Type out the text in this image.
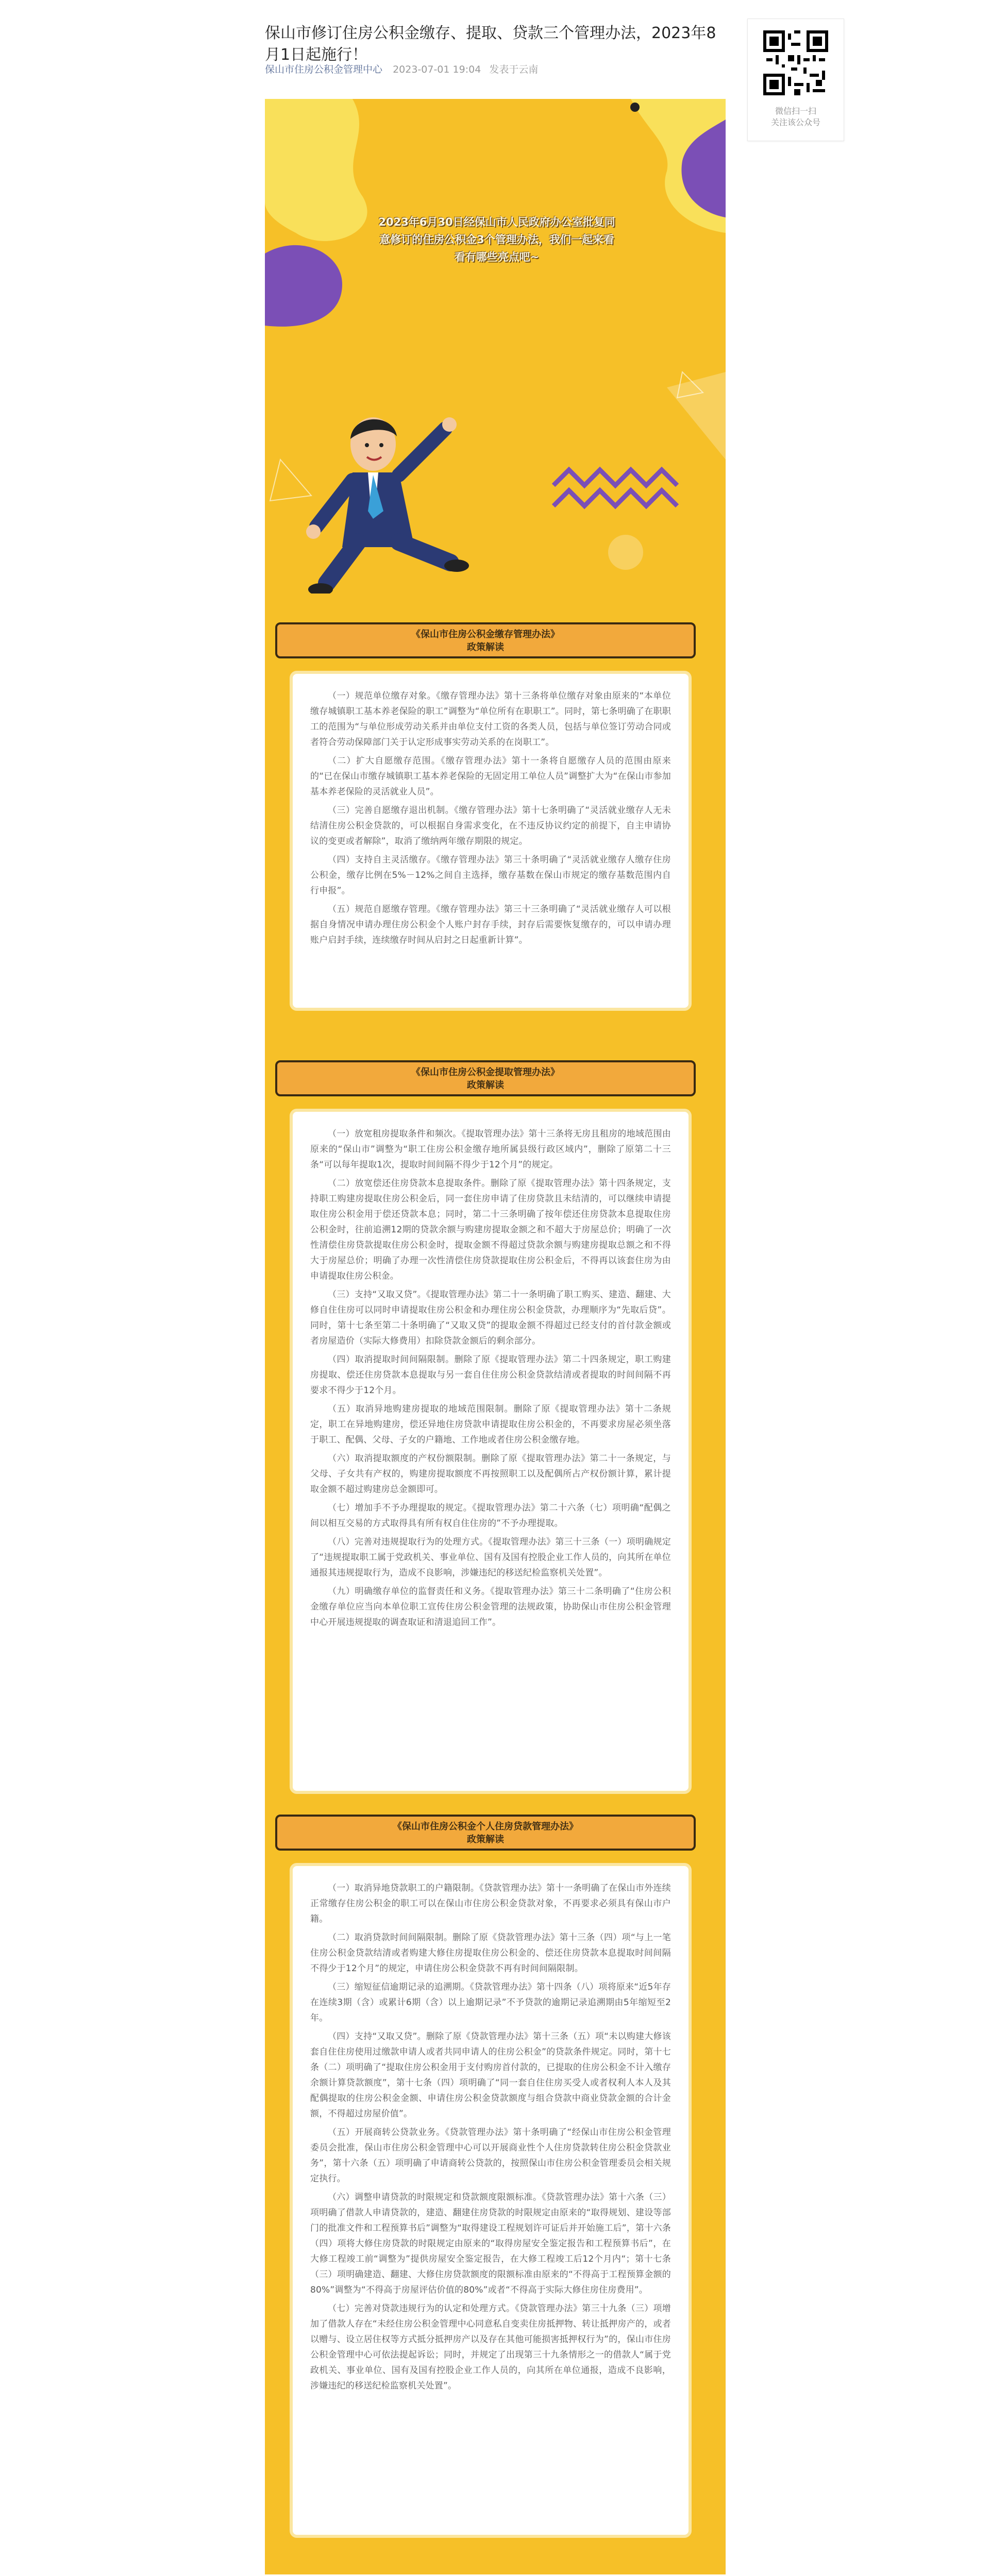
保山市修订住房公积金缴存、提取、贷款三个管理办法，2023年8月1日起施行！
保山市住房公积金管理中心 2023-07-01 19:04 发表于云南
微信扫一扫
关注该公众号
2023年6月30日经保山市人民政府办公室批复同意修订的住房公积金3个管理办法，我们一起来看看有哪些亮点吧~
《保山市住房公积金缴存管理办法》
政策解读

（一）规范单位缴存对象。《缴存管理办法》第十三条将单位缴存对象由原来的“本单位缴存城镇职工基本养老保险的职工”调整为“单位所有在职职工”。同时，第七条明确了在职职工的范围为“与单位形成劳动关系并由单位支付工资的各类人员，包括与单位签订劳动合同或者符合劳动保障部门关于认定形成事实劳动关系的在岗职工”。

（二）扩大自愿缴存范围。《缴存管理办法》第十一条将自愿缴存人员的范围由原来的“已在保山市缴存城镇职工基本养老保险的无固定用工单位人员”调整扩大为“在保山市参加基本养老保险的灵活就业人员”。

（三）完善自愿缴存退出机制。《缴存管理办法》第十七条明确了“灵活就业缴存人无未结清住房公积金贷款的，可以根据自身需求变化，在不违反协议约定的前提下，自主申请协议的变更或者解除”，取消了缴纳两年缴存期限的规定。

（四）支持自主灵活缴存。《缴存管理办法》第三十条明确了“灵活就业缴存人缴存住房公积金，缴存比例在5%－12%之间自主选择，缴存基数在保山市规定的缴存基数范围内自行申报”。

（五）规范自愿缴存管理。《缴存管理办法》第三十三条明确了“灵活就业缴存人可以根据自身情况申请办理住房公积金个人账户封存手续，封存后需要恢复缴存的，可以申请办理账户启封手续，连续缴存时间从启封之日起重新计算”。

《保山市住房公积金提取管理办法》
政策解读

（一）放宽租房提取条件和频次。《提取管理办法》第十三条将无房且租房的地域范围由原来的“保山市”调整为“职工住房公积金缴存地所属县级行政区域内”，删除了原第二十三条“可以每年提取1次，提取时间间隔不得少于12个月”的规定。

（二）放宽偿还住房贷款本息提取条件。删除了原《提取管理办法》第十四条规定，支持职工购建房提取住房公积金后，同一套住房申请了住房贷款且未结清的，可以继续申请提取住房公积金用于偿还贷款本息；同时，第二十三条明确了按年偿还住房贷款本息提取住房公积金时，往前追溯12期的贷款余额与购建房提取金额之和不超大于房屋总价；明确了一次性清偿住房贷款提取住房公积金时，提取金额不得超过贷款余额与购建房提取总额之和不得大于房屋总价；明确了办理一次性清偿住房贷款提取住房公积金后，不得再以该套住房为由申请提取住房公积金。

（三）支持“又取又贷”。《提取管理办法》第二十一条明确了职工购买、建造、翻建、大修自住住房可以同时申请提取住房公积金和办理住房公积金贷款，办理顺序为“先取后贷”。同时，第十七条至第二十条明确了“又取又贷”的提取金额不得超过已经支付的首付款金额或者房屋造价（实际大修费用）扣除贷款金额后的剩余部分。

（四）取消提取时间间隔限制。删除了原《提取管理办法》第二十四条规定，职工购建房提取、偿还住房贷款本息提取与另一套自住住房公积金贷款结清或者提取的时间间隔不再要求不得少于12个月。

（五）取消异地购建房提取的地域范围限制。删除了原《提取管理办法》第十二条规定，职工在异地购建房，偿还异地住房贷款申请提取住房公积金的，不再要求房屋必须坐落于职工、配偶、父母、子女的户籍地、工作地或者住房公积金缴存地。

（六）取消提取额度的产权份额限制。删除了原《提取管理办法》第二十一条规定，与父母、子女共有产权的，购建房提取额度不再按照职工以及配偶所占产权份额计算，累计提取金额不超过购建房总金额即可。

（七）增加手不予办理提取的规定。《提取管理办法》第二十六条（七）项明确“配偶之间以相互交易的方式取得具有所有权自住住房的”不予办理提取。

（八）完善对违规提取行为的处理方式。《提取管理办法》第三十三条（一）项明确规定了“违规提取职工属于党政机关、事业单位、国有及国有控股企业工作人员的，向其所在单位通报其违规提取行为，造成不良影响，涉嫌违纪的移送纪检监察机关处置”。

（九）明确缴存单位的监督责任和义务。《提取管理办法》第三十二条明确了“住房公积金缴存单位应当向本单位职工宣传住房公积金管理的法规政策，协助保山市住房公积金管理中心开展违规提取的调查取证和清退追回工作”。

《保山市住房公积金个人住房贷款管理办法》
政策解读

（一）取消异地贷款职工的户籍限制。《贷款管理办法》第十一条明确了在保山市外连续正常缴存住房公积金的职工可以在保山市住房公积金贷款对象，不再要求必须具有保山市户籍。

（二）取消贷款时间间隔限制。删除了原《贷款管理办法》第十三条（四）项“与上一笔住房公积金贷款结清或者购建大修住房提取住房公积金的、偿还住房贷款本息提取时间间隔不得少于12个月”的规定，申请住房公积金贷款不再有时间间隔限制。

（三）缩短征信逾期记录的追溯期。《贷款管理办法》第十四条（八）项将原来“近5年存在连续3期（含）或累计6期（含）以上逾期记录”不予贷款的逾期记录追溯期由5年缩短至2年。

（四）支持“又取又贷”。删除了原《贷款管理办法》第十三条（五）项“未以购建大修该套自住住房使用过缴款申请人或者共同申请人的住房公积金”的贷款条件规定。同时，第十七条（二）项明确了“提取住房公积金用于支付购房首付款的，已提取的住房公积金不计入缴存余额计算贷款额度”，第十七条（四）项明确了“同一套自住住房买受人或者权利人本人及其配偶提取的住房公积金金额、申请住房公积金贷款额度与组合贷款中商业贷款金额的合计金额，不得超过房屋价值”。

（五）开展商转公贷款业务。《贷款管理办法》第十条明确了“经保山市住房公积金管理委员会批准，保山市住房公积金管理中心可以开展商业性个人住房贷款转住房公积金贷款业务”，第十六条（五）项明确了申请商转公贷款的，按照保山市住房公积金管理委员会相关规定执行。

（六）调整申请贷款的时限规定和贷款额度限额标准。《贷款管理办法》第十六条（三）项明确了借款人申请贷款的，建造、翻建住房贷款的时限规定由原来的“取得规划、建设等部门的批准文件和工程预算书后”调整为“取得建设工程规划许可证后并开始施工后”，第十六条（四）项将大修住房贷款的时限规定由原来的“取得房屋安全鉴定报告和工程预算书后”，在大修工程竣工前“调整为”提供房屋安全鉴定报告，在大修工程竣工后12个月内“；第十七条（三）项明确建造、翻建、大修住房贷款额度的限额标准由原来的“不得高于工程预算金额的80%”调整为“不得高于房屋评估价值的80%”或者“不得高于实际大修住房住房费用”。

（七）完善对贷款违规行为的认定和处理方式。《贷款管理办法》第三十九条（三）项增加了借款人存在“未经住房公积金管理中心同意私自变卖住房抵押物、转让抵押房产的，或者以赠与、设立居住权等方式抵分抵押房产以及存在其他可能损害抵押权行为”的，保山市住房公积金管理中心可依法提起诉讼；同时，并规定了出现第三十九条情形之一的借款人“属于党政机关、事业单位、国有及国有控股企业工作人员的，向其所在单位通报，造成不良影响，涉嫌违纪的移送纪检监察机关处置”。
